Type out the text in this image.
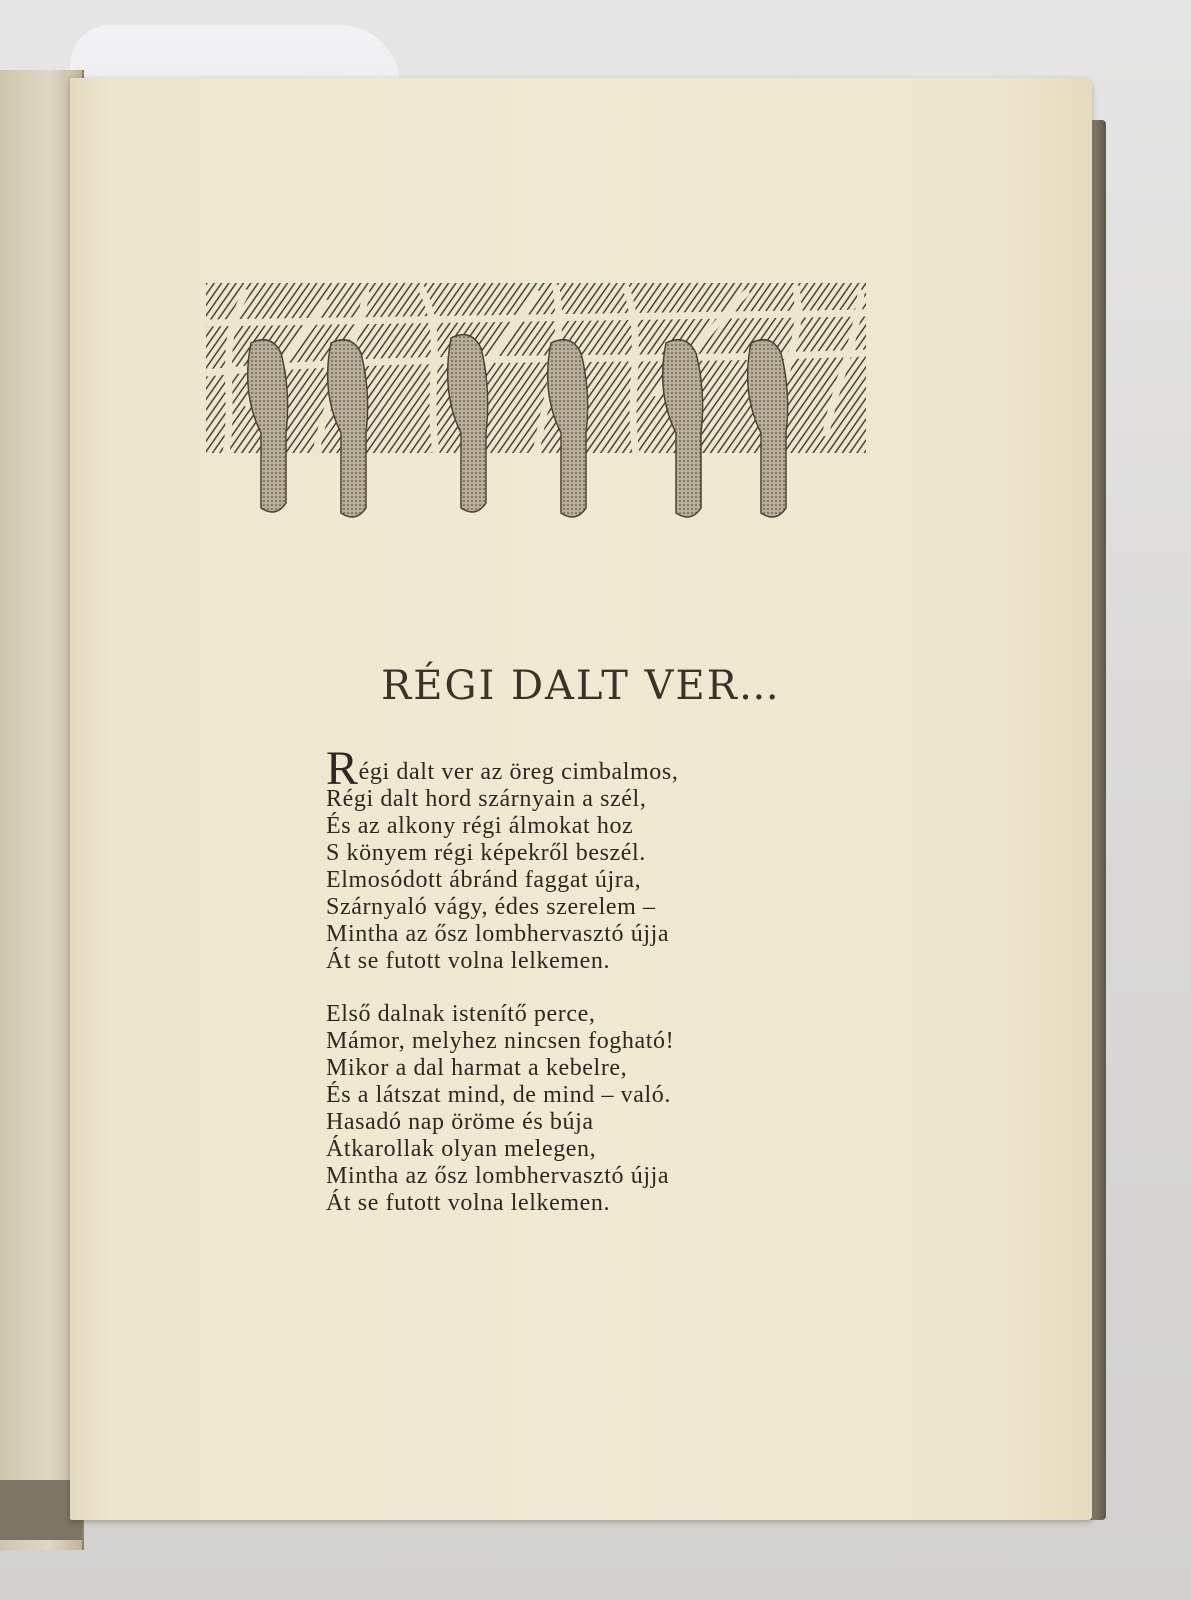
RÉGI DALT VER…
Régi dalt ver az öreg cimbalmos,
Régi dalt hord szárnyain a szél,
És az alkony régi álmokat hoz
S könyem régi képekről beszél.
Elmosódott ábránd faggat újra,
Szárnyaló vágy, édes szerelem –
Mintha az ősz lombhervasztó újja
Át se futott volna lelkemen.
Első dalnak istenítő perce,
Mámor, melyhez nincsen fogható!
Mikor a dal harmat a kebelre,
És a látszat mind, de mind – való.
Hasadó nap öröme és búja
Átkarollak olyan melegen,
Mintha az ősz lombhervasztó újja
Át se futott volna lelkemen.
